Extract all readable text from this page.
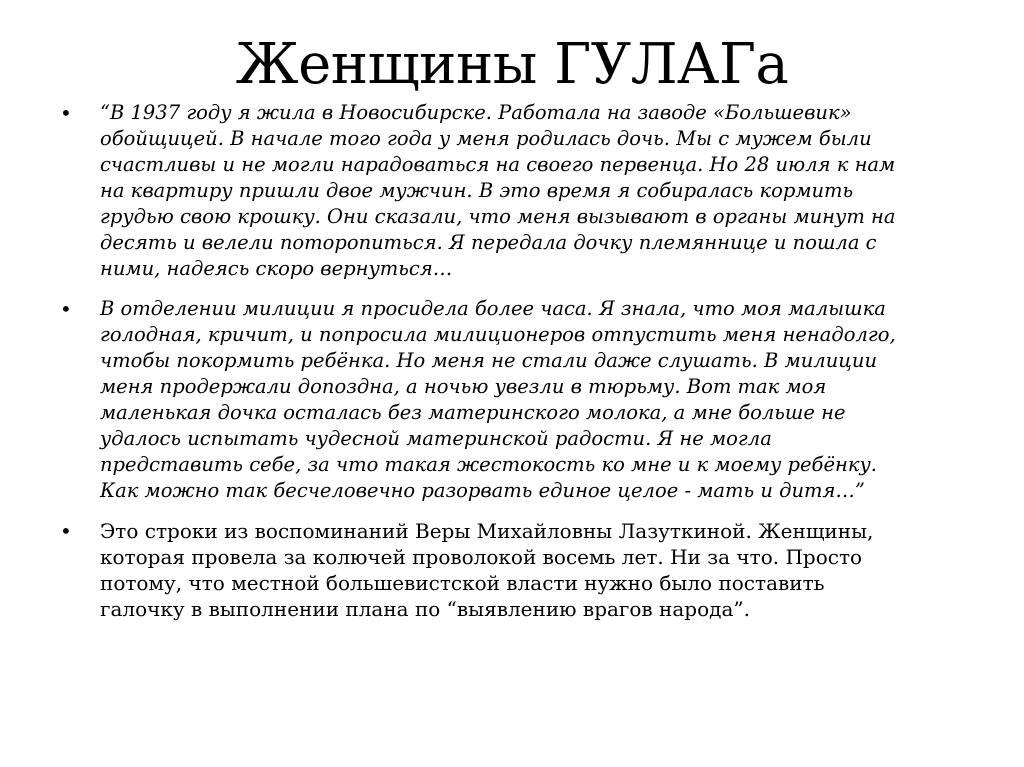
Женщины ГУЛАГа
•	“В 1937 году я жила в Новосибирске. Работала на заводе «Большевик»
обойщицей. В начале того года у меня родилась дочь. Мы с мужем были
счастливы и не могли нарадоваться на своего первенца. Но 28 июля к нам
на квартиру пришли двое мужчин. В это время я собиралась кормить
грудью свою крошку. Они сказали, что меня вызывают в органы минут на
десять и велели поторопиться. Я передала дочку племяннице и пошла с
ними, надеясь скоро вернуться…
•	В отделении милиции я просидела более часа. Я знала, что моя малышка
голодная, кричит, и попросила милиционеров отпустить меня ненадолго,
чтобы покормить ребёнка. Но меня не стали даже слушать. В милиции
меня продержали допоздна, а ночью увезли в тюрьму. Вот так моя
маленькая дочка осталась без материнского молока, а мне больше не
удалось испытать чудесной материнской радости. Я не могла
представить себе, за что такая жестокость ко мне и к моему ребёнку.
Как можно так бесчеловечно разорвать единое целое - мать и дитя…”
•	Это строки из воспоминаний Веры Михайловны Лазуткиной. Женщины,
которая провела за колючей проволокой восемь лет. Ни за что. Просто
потому, что местной большевистской власти нужно было поставить
галочку в выполнении плана по “выявлению врагов народа”.
